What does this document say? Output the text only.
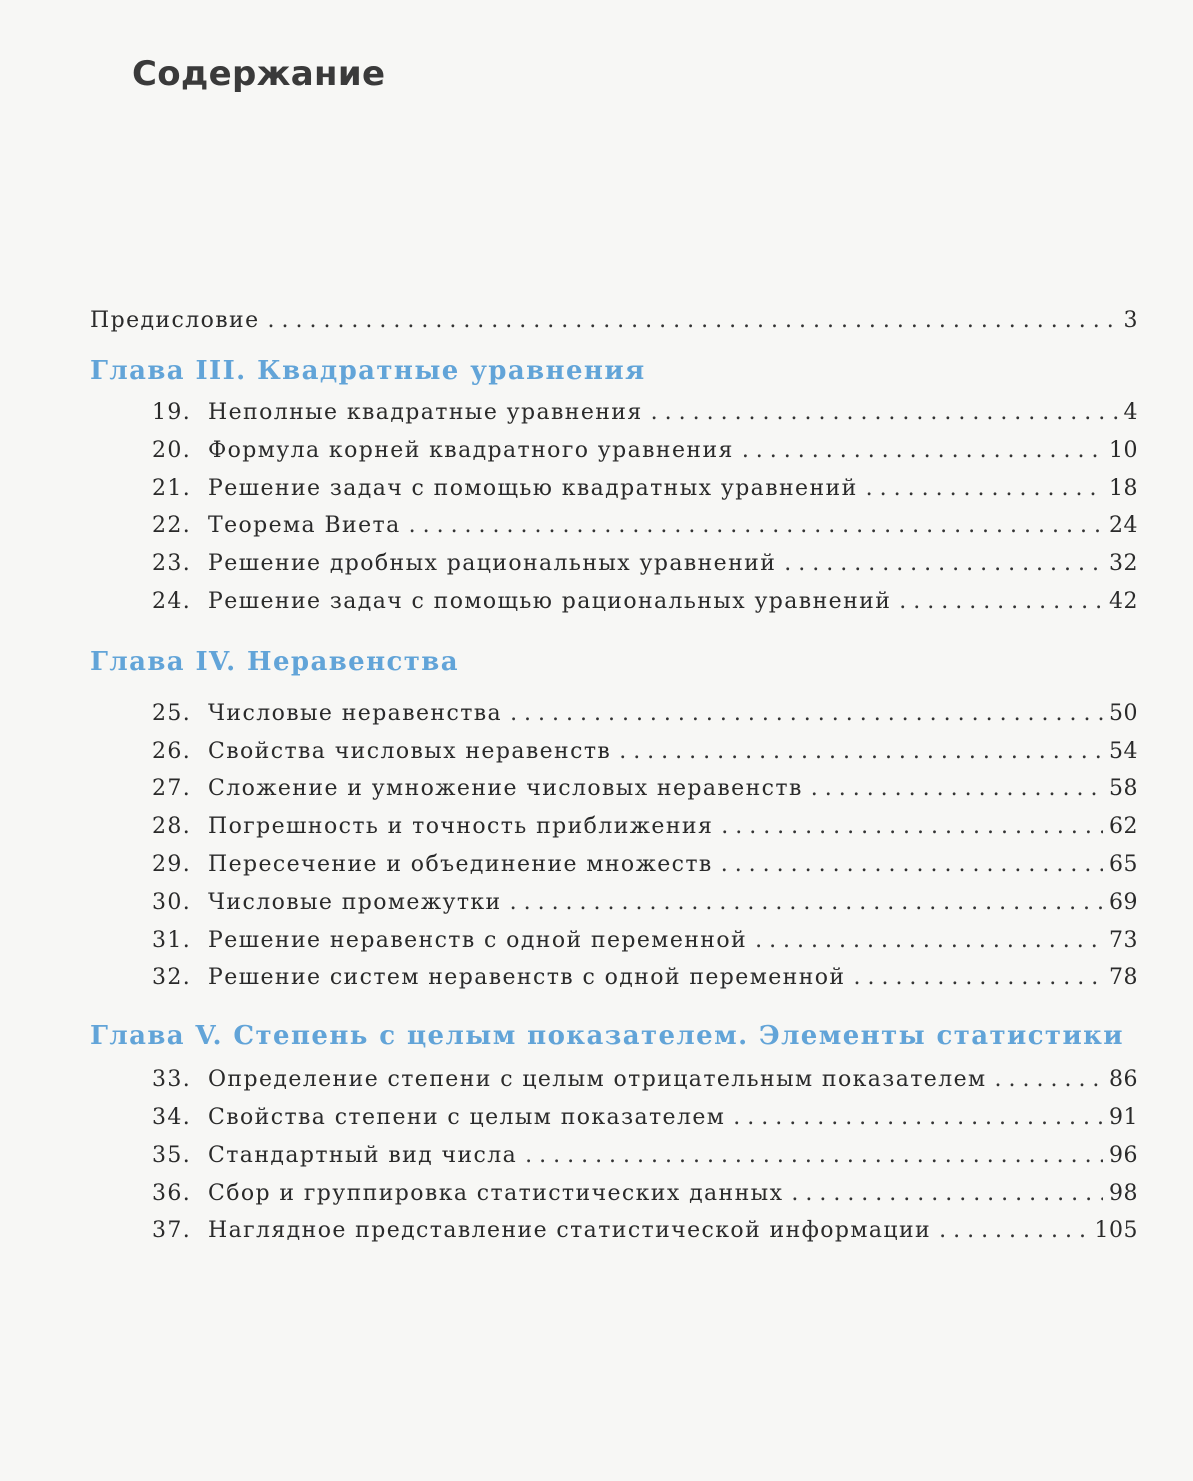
Содержание
Предисловие . . .	3
Глава III. Квадратные уравнения
19. Неполные квадратные уравнения . . .	4
20. Формула корней квадратного уравнения . . .	10
21. Решение задач с помощью квадратных уравнений . . .	18
22. Теорема Виета . . .	24
23. Решение дробных рациональных уравнений . . .	32
24. Решение задач с помощью рациональных уравнений . . .	42
Глава IV. Неравенства
25. Числовые неравенства . . .	50
26. Свойства числовых неравенств . . .	54
27. Сложение и умножение числовых неравенств . . .	58
28. Погрешность и точность приближения . . .	62
29. Пересечение и объединение множеств . . .	65
30. Числовые промежутки . . .	69
31. Решение неравенств с одной переменной . . .	73
32. Решение систем неравенств с одной переменной . . .	78
Глава V. Степень с целым показателем. Элементы статистики
33. Определение степени с целым отрицательным показателем . . .	86
34. Свойства степени с целым показателем . . .	91
35. Стандартный вид числа . . .	96
36. Сбор и группировка статистических данных . . .	98
37. Наглядное представление статистической информации . . .	105
